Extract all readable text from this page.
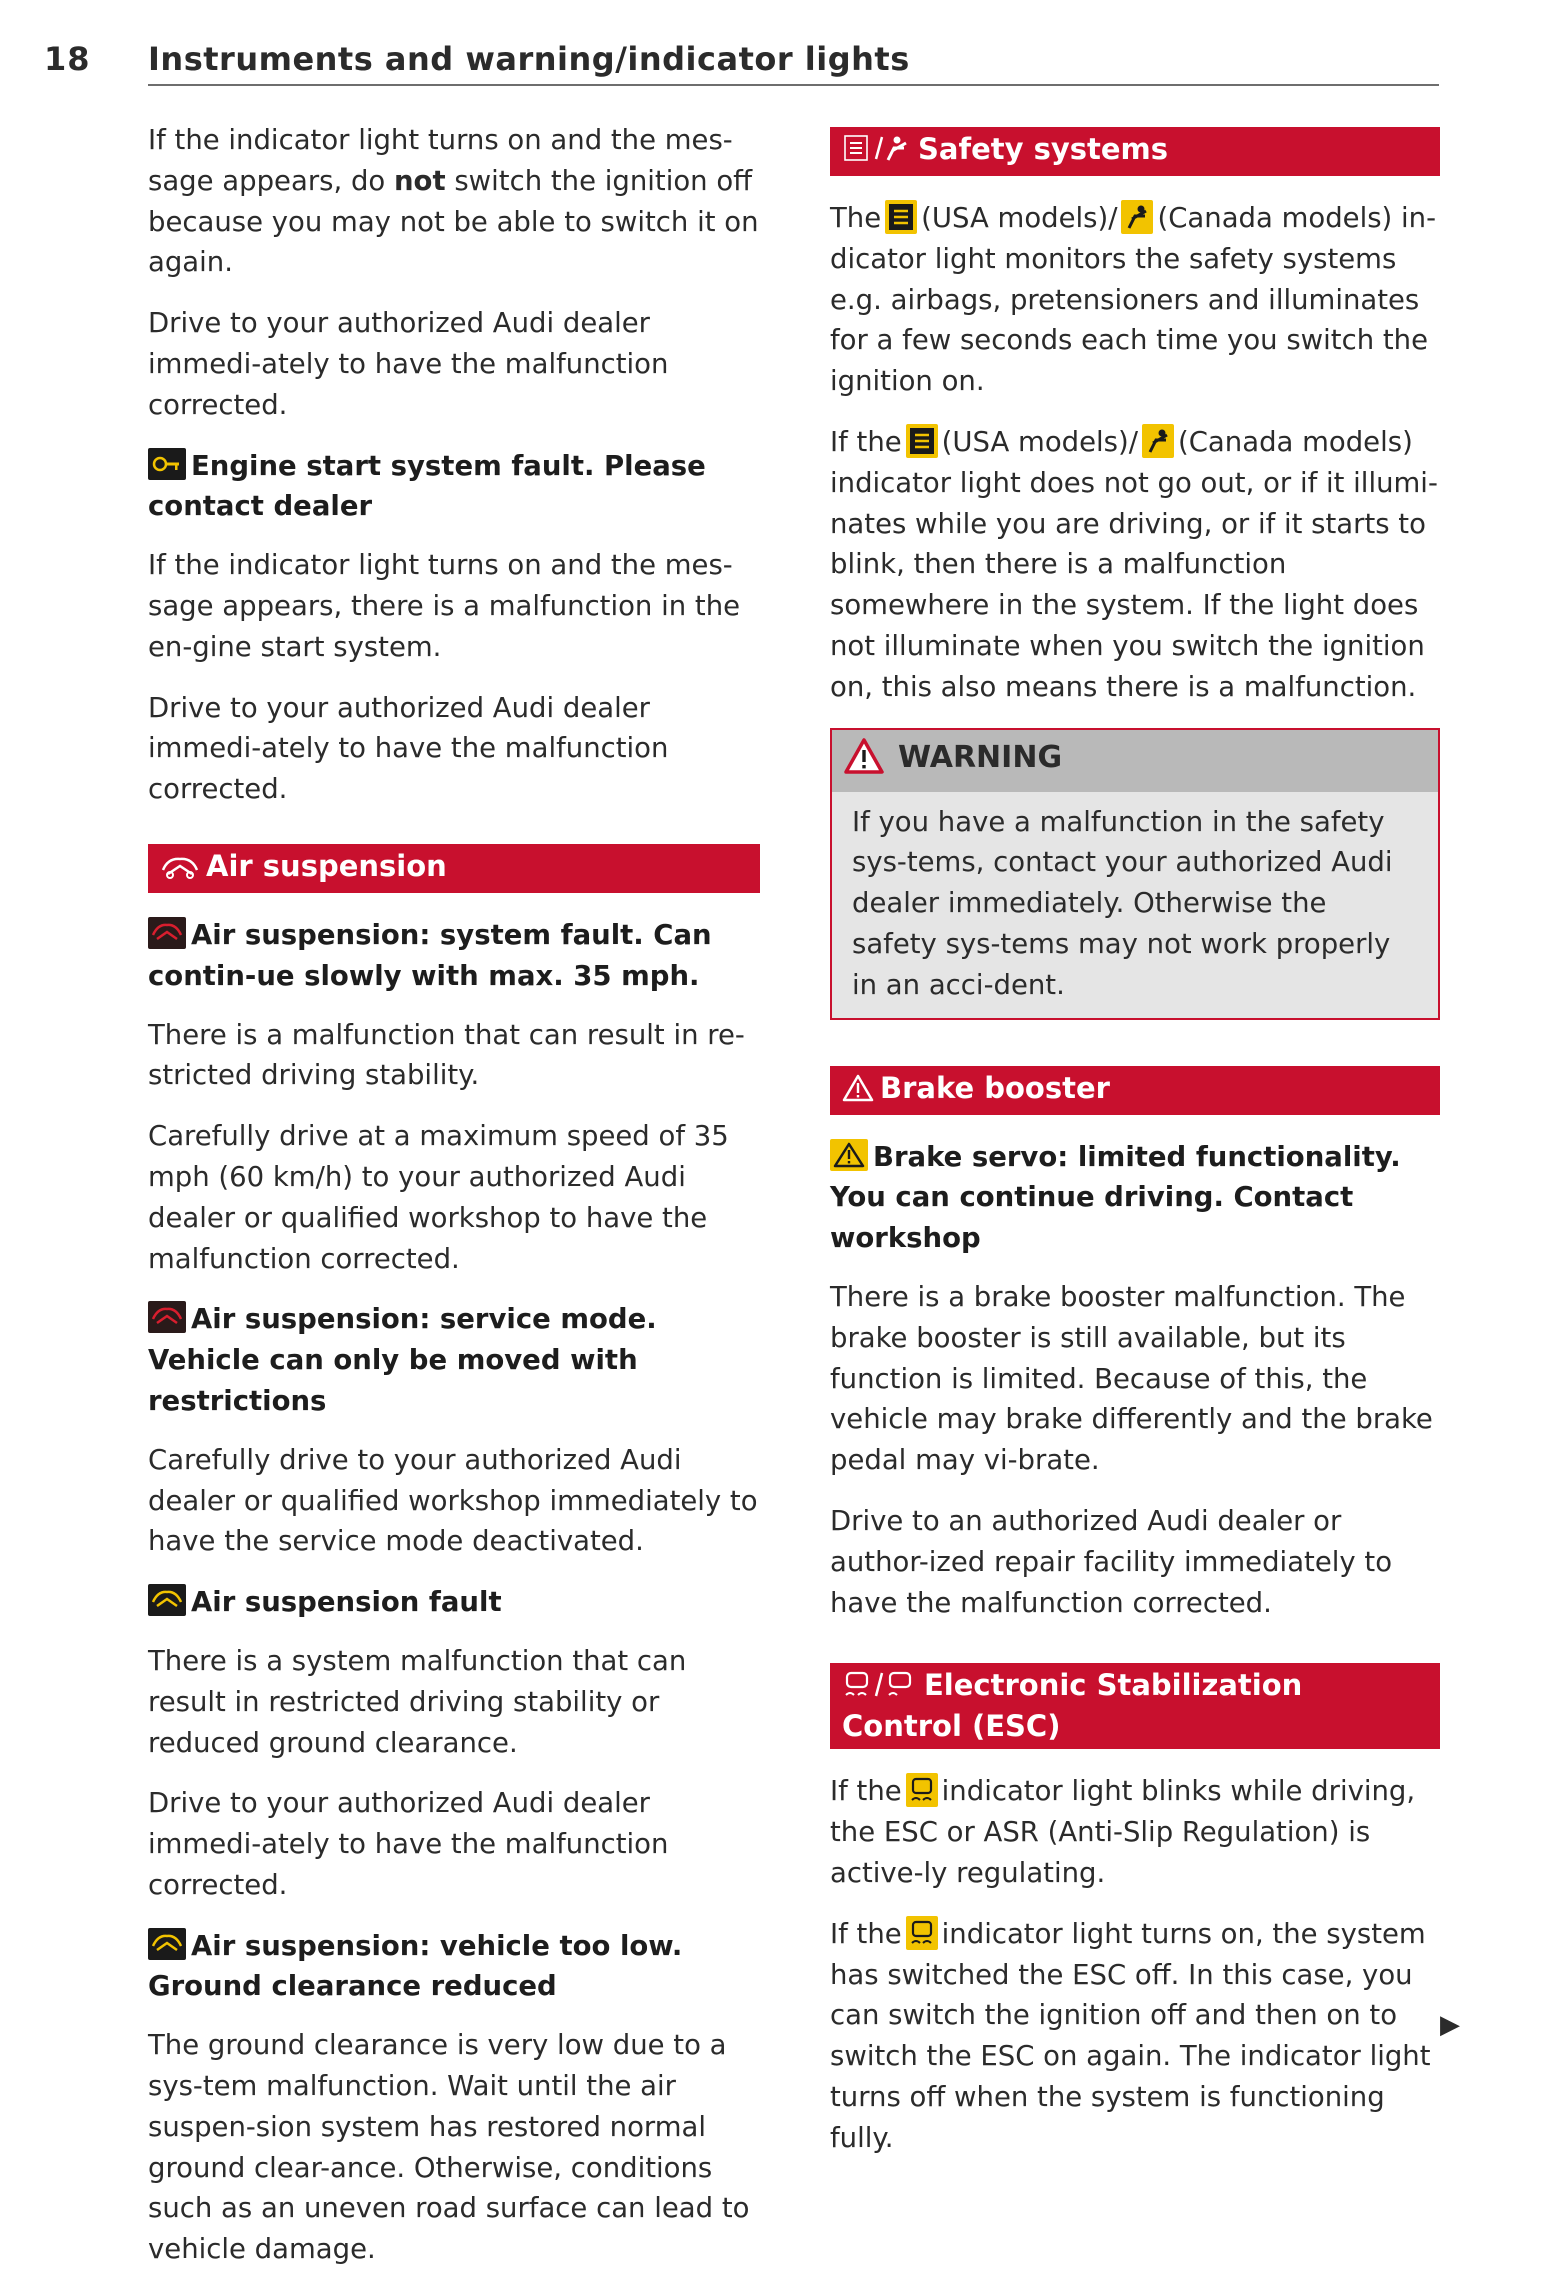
18 Instruments and warning/indicator lights

If the indicator light turns on and the mes-sage appears, do not switch the ignition off because you may not be able to switch it on again.

Drive to your authorized Audi dealer immedi-ately to have the malfunction corrected.

Engine start system fault. Please contact dealer

If the indicator light turns on and the mes-sage appears, there is a malfunction in the en-gine start system.

Drive to your authorized Audi dealer immedi-ately to have the malfunction corrected.

Air suspension
Air suspension: system fault. Can contin-ue slowly with max. 35 mph.

There is a malfunction that can result in re-stricted driving stability.

Carefully drive at a maximum speed of 35 mph (60 km/h) to your authorized Audi dealer or qualified workshop to have the malfunction corrected.

Air suspension: service mode. Vehicle can only be moved with restrictions

Carefully drive to your authorized Audi dealer or qualified workshop immediately to have the service mode deactivated.

Air suspension fault

There is a system malfunction that can result in restricted driving stability or reduced ground clearance.

Drive to your authorized Audi dealer immedi-ately to have the malfunction corrected.

Air suspension: vehicle too low. Ground clearance reduced

The ground clearance is very low due to a sys-tem malfunction. Wait until the air suspen-sion system has restored normal ground clear-ance. Otherwise, conditions such as an uneven road surface can lead to vehicle damage.

Safety systems

The (USA models)/ (Canada models) in-dicator light monitors the safety systems e.g. airbags, pretensioners and illuminates for a few seconds each time you switch the ignition on.

If the (USA models)/ (Canada models) indicator light does not go out, or if it illumi-nates while you are driving, or if it starts to blink, then there is a malfunction somewhere in the system. If the light does not illuminate when you switch the ignition on, this also means there is a malfunction.

WARNING
If you have a malfunction in the safety sys-tems, contact your authorized Audi dealer immediately. Otherwise the safety sys-tems may not work properly in an acci-dent.
Brake booster
Brake servo: limited functionality. You can continue driving. Contact workshop

There is a brake booster malfunction. The brake booster is still available, but its function is limited. Because of this, the vehicle may brake differently and the brake pedal may vi-brate.

Drive to an authorized Audi dealer or author-ized repair facility immediately to have the malfunction corrected.

Electronic Stabilization Control (ESC)

If the indicator light blinks while driving, the ESC or ASR (Anti-Slip Regulation) is active-ly regulating.

If the indicator light turns on, the system has switched the ESC off. In this case, you can switch the ignition off and then on to switch the ESC on again. The indicator light turns off when the system is functioning fully.

▶
